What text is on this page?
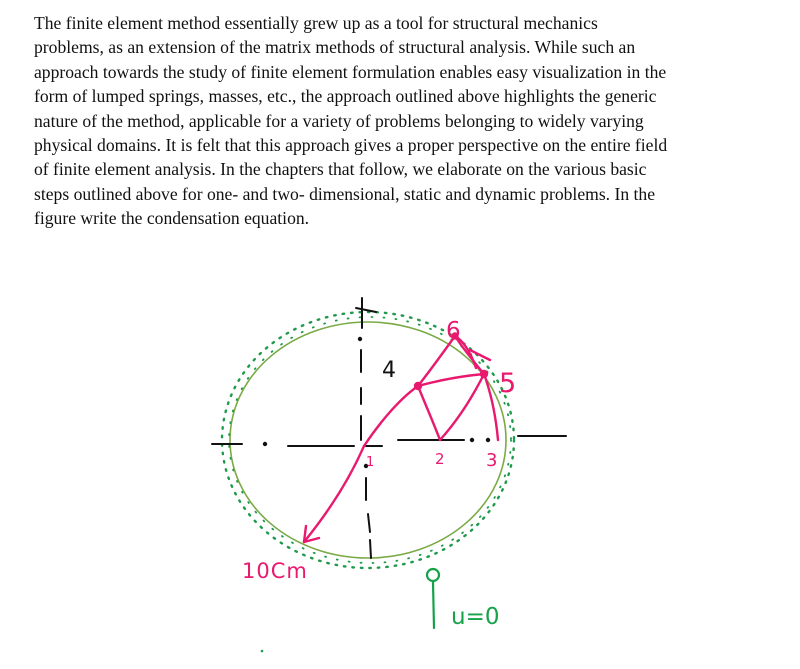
The finite element method essentially grew up as a tool for structural mechanics
problems, as an extension of the matrix methods of structural analysis. While such an
approach towards the study of finite element formulation enables easy visualization in the
form of lumped springs, masses, etc., the approach outlined above highlights the generic
nature of the method, applicable for a variety of problems belonging to widely varying
physical domains. It is felt that this approach gives a proper perspective on the entire field
of finite element analysis. In the chapters that follow, we elaborate on the various basic
steps outlined above for one- and two- dimensional, static and dynamic problems. In the
figure write the condensation equation.
1	2 3
4	5
6
10Cm
u=0
